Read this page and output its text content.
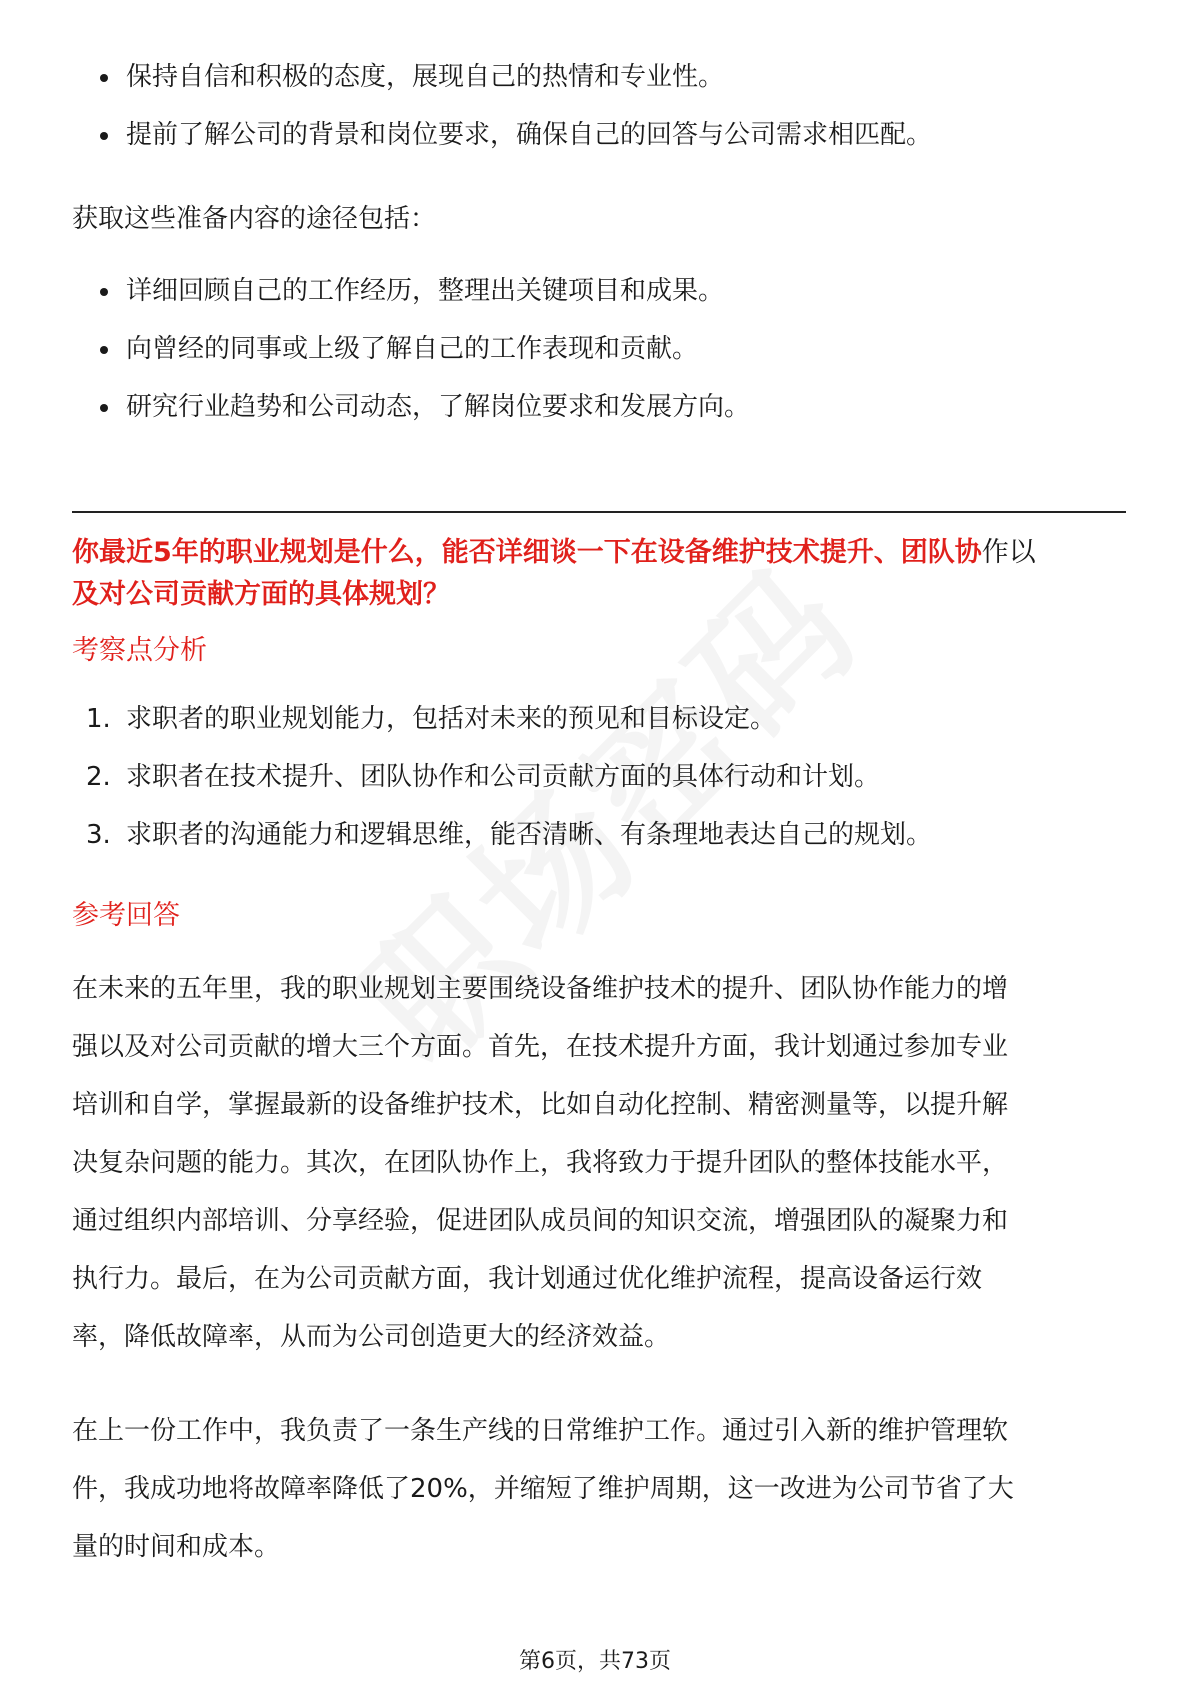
保持自信和积极的态度，展现自己的热情和专业性。
提前了解公司的背景和岗位要求，确保自己的回答与公司需求相匹配。

获取这些准备内容的途径包括：

详细回顾自己的工作经历，整理出关键项目和成果。
向曾经的同事或上级了解自己的工作表现和贡献。
研究行业趋势和公司动态，了解岗位要求和发展方向。

你最近5年的职业规划是什么，能否详细谈一下在设备维护技术提升、团队协作以
及对公司贡献方面的具体规划？

考察点分析

1. 求职者的职业规划能力，包括对未来的预见和目标设定。
2. 求职者在技术提升、团队协作和公司贡献方面的具体行动和计划。
3. 求职者的沟通能力和逻辑思维，能否清晰、有条理地表达自己的规划。

参考回答

在未来的五年里，我的职业规划主要围绕设备维护技术的提升、团队协作能力的增
强以及对公司贡献的增大三个方面。首先，在技术提升方面，我计划通过参加专业
培训和自学，掌握最新的设备维护技术，比如自动化控制、精密测量等，以提升解
决复杂问题的能力。其次，在团队协作上，我将致力于提升团队的整体技能水平，
通过组织内部培训、分享经验，促进团队成员间的知识交流，增强团队的凝聚力和
执行力。最后，在为公司贡献方面，我计划通过优化维护流程，提高设备运行效
率，降低故障率，从而为公司创造更大的经济效益。
在上一份工作中，我负责了一条生产线的日常维护工作。通过引入新的维护管理软
件，我成功地将故障率降低了20%，并缩短了维护周期，这一改进为公司节省了大
量的时间和成本。
第6页，共73页
